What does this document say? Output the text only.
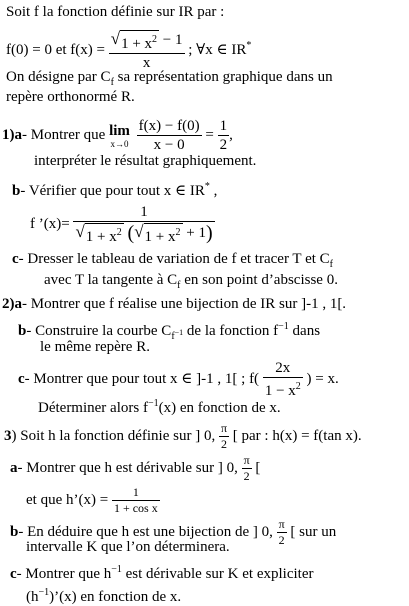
Soit f la fonction définie sur IR par :
f(0) = 0 et $f(x) = \frac{√ 1 + x^2 - 1}{x}$ ; ∀x ∈ IR*
On désigne par $C_f$ sa représentation graphique dans un
repère orthonormé R.
1)a- Montrer que lim
x→0
$\frac{f(x) - f(0)}{x - 0} = \frac{1}{2}$ ,
interpréter le résultat graphiquement.
b- Vérifier que pour tout x ∈ IR* ,
f ’(x)= $\frac{1}{√ 1 + x^2 ( √ 1 + x^2 + 1)}$
c- Dresser le tableau de variation de f et tracer T et $C_f$
avec T la tangente à $C_f$ en son point d’abscisse 0.
2)a- Montrer que f réalise une bijection de IR sur ]-1 , 1[.
b- Construire la courbe $C_{f^{-1}}$ de la fonction $f^{-1}$ dans
le même repère R.
c- Montrer que pour tout x ∈ ]-1 , 1[ ; $f( \frac{2x}{1 - x^2}$ ) = x.
Déterminer alors $f^{-1}(x)$ en fonction de x.
3) Soit h la fonction définie sur ] 0, $\frac{\pi}{2}$ [ par : h(x) = f(tan x).
a- Montrer que h est dérivable sur ] 0, $\frac{\pi}{2}$ [
et que h’(x) = $\frac{1}{\text{1 + cos x}}$
b- En déduire que h est une bijection de ] 0, $\frac{\pi}{2}$ [ sur un
intervalle K que l’on déterminera.
c- Montrer que $h^{-1}$ est dérivable sur K et expliciter
$(h^{-1})’(x)$ en fonction de x.
